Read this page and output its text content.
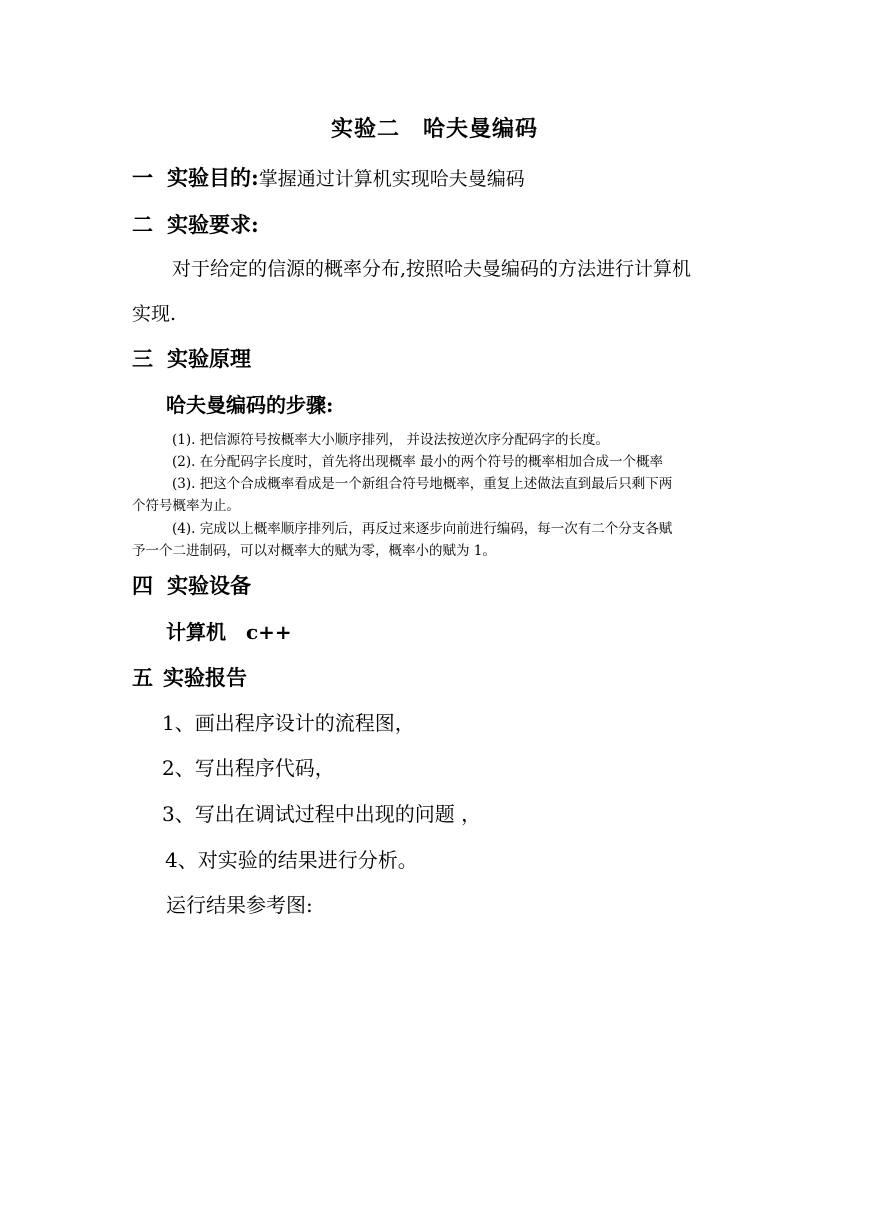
实验二　哈夫曼编码
一 实验目的:掌握通过计算机实现哈夫曼编码
二 实验要求:
对于给定的信源的概率分布,按照哈夫曼编码的方法进行计算机
实现.
三 实验原理
哈夫曼编码的步骤:
(1). 把信源符号按概率大小顺序排列， 并设法按逆次序分配码字的长度。
(2). 在分配码字长度时，首先将出现概率 最小的两个符号的概率相加合成一个概率
(3). 把这个合成概率看成是一个新组合符号地概率，重复上述做法直到最后只剩下两
个符号概率为止。
(4). 完成以上概率顺序排列后，再反过来逐步向前进行编码，每一次有二个分支各赋
予一个二进制码，可以对概率大的赋为零，概率小的赋为 1。
四 实验设备
计算机　c++
五 实验报告
1、画出程序设计的流程图，
2、写出程序代码，
3、写出在调试过程中出现的问题 ，
4、对实验的结果进行分析。
运行结果参考图:
